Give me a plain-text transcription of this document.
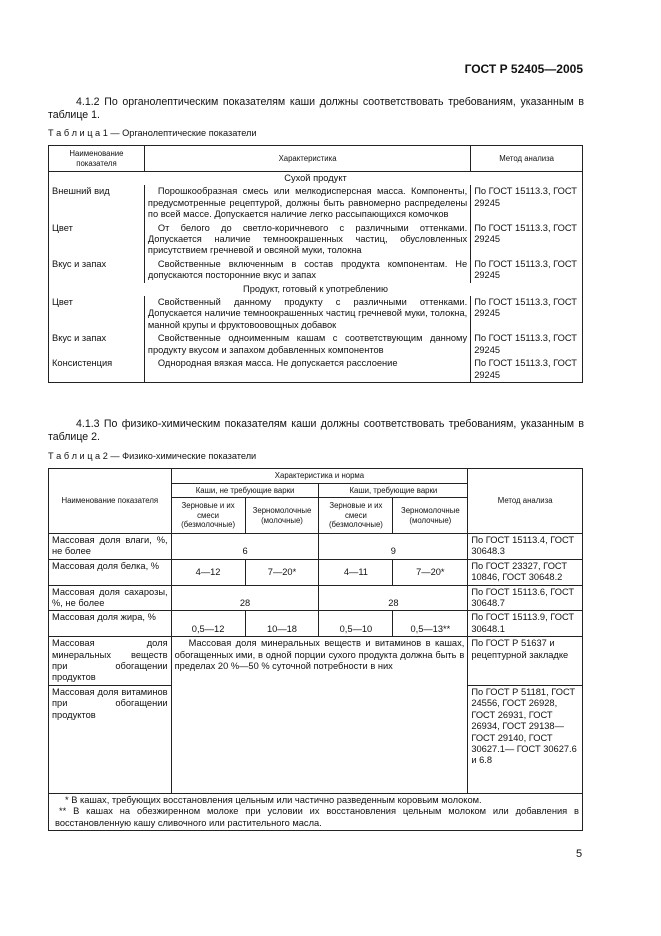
ГОСТ Р 52405—2005
4.1.2 По органолептическим показателям каши должны соответствовать требованиям, указанным в таблице 1.
Т а б л и ц а 1 — Органолептические показатели
Наименование показателя	Характеристика	Метод анализа
Сухой продукт		
Внешний вид	Порошкообразная смесь или мелкодисперсная масса. Компоненты, предусмотренные рецептурой, должны быть равномерно распределены по всей массе. Допускается наличие легко рассыпающихся комочков	По ГОСТ 15113.3, ГОСТ 29245
Цвет	От белого до светло-коричневого с различными оттенками. Допускается наличие темноокрашенных частиц, обусловленных присутствием гречневой и овсяной муки, толокна	По ГОСТ 15113.3, ГОСТ 29245
Вкус и запах	Свойственные включенным в состав продукта компонентам. Не допускаются посторонние вкус и запах	По ГОСТ 15113.3, ГОСТ 29245
Продукт, готовый к употреблению		
Цвет	Свойственный данному продукту с различными оттенками. Допускается наличие темноокрашенных частиц гречневой муки, толокна, манной крупы и фруктовоовощных добавок	По ГОСТ 15113.3, ГОСТ 29245
Вкус и запах	Свойственные одноименным кашам с соответствующим данному продукту вкусом и запахом добавленных компонентов	По ГОСТ 15113.3, ГОСТ 29245
Консистенция	Однородная вязкая масса. Не допускается расслоение	По ГОСТ 15113.3, ГОСТ 29245
4.1.3 По физико-химическим показателям каши должны соответствовать требованиям, указанным в таблице 2.
Т а б л и ц а 2 — Физико-химические показатели
Наименование показателя	Характеристика и норма				Метод анализа
	Каши, не требующие варки		Каши, требующие варки		
	Зерновые и их смеси (безмолочные)	Зерномолочные (молочные)	Зерновые и их смеси (безмолочные)	Зерномолочные (молочные)	
Массовая доля влаги, %, не более	6		9		По ГОСТ 15113.4, ГОСТ 30648.3
Массовая доля белка, %	4—12	7—20*	4—11	7—20*	По ГОСТ 23327, ГОСТ 10846, ГОСТ 30648.2
Массовая доля сахарозы, %, не более	28		28		По ГОСТ 15113.6, ГОСТ 30648.7
Массовая доля жира, %	0,5—12	10—18	0,5—10	0,5—13**	По ГОСТ 15113.9, ГОСТ 30648.1
Массовая доля минеральных веществ при обогащении продуктов	Массовая доля минеральных веществ и витаминов в кашах, обогащенных ими, в одной порции сухого продукта должна быть в пределах 20 %—50 % суточной потребности в них				По ГОСТ Р 51637 и рецептурной закладке
Массовая доля витаминов при обогащении продуктов					По ГОСТ Р 51181, ГОСТ 24556, ГОСТ 26928, ГОСТ 26931, ГОСТ 26934, ГОСТ 29138— ГОСТ 29140, ГОСТ 30627.1— ГОСТ 30627.6 и 6.8

* В кашах, требующих восстановления цельным или частично разведенным коровьим молоком.
** В кашах на обезжиренном молоке при условии их восстановления цельным молоком или добавления в восстановленную кашу сливочного или растительного масла.					
5
